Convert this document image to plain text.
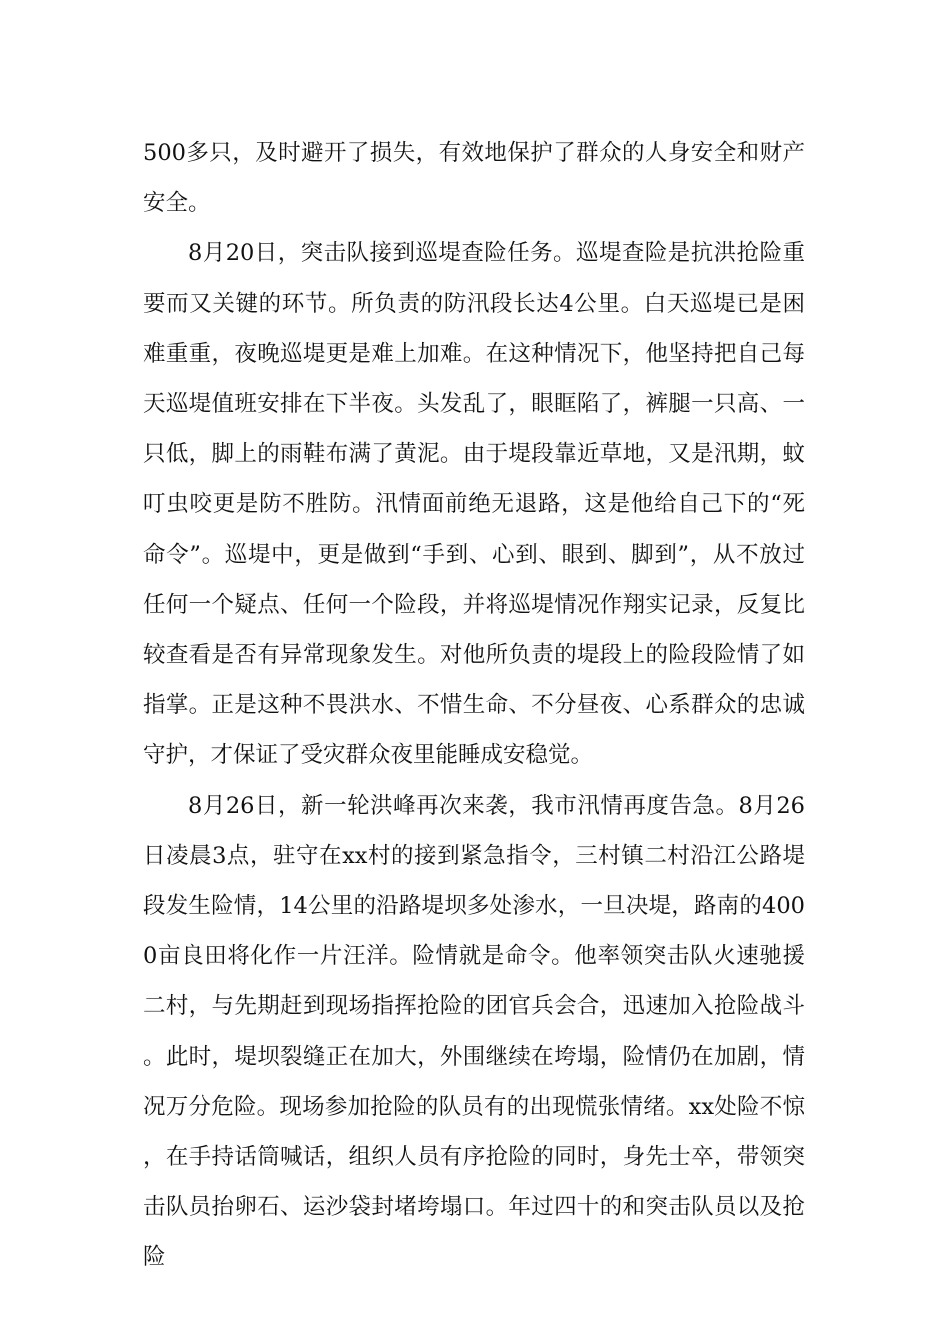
500多只，及时避开了损失，有效地保护了群众的人身安全和财产安全。

8月20日，突击队接到巡堤查险任务。巡堤查险是抗洪抢险重要而又关键的环节。所负责的防汛段长达4公里。白天巡堤已是困难重重，夜晚巡堤更是难上加难。在这种情况下，他坚持把自己每天巡堤值班安排在下半夜。头发乱了，眼眶陷了，裤腿一只高、一只低，脚上的雨鞋布满了黄泥。由于堤段靠近草地，又是汛期，蚊叮虫咬更是防不胜防。汛情面前绝无退路，这是他给自己下的“死命令”。巡堤中，更是做到“手到、心到、眼到、脚到”，从不放过任何一个疑点、任何一个险段，并将巡堤情况作翔实记录，反复比较查看是否有异常现象发生。对他所负责的堤段上的险段险情了如指掌。正是这种不畏洪水、不惜生命、不分昼夜、心系群众的忠诚守护，才保证了受灾群众夜里能睡成安稳觉。

8月26日，新一轮洪峰再次来袭，我市汛情再度告急。8月26日凌晨3点，驻守在xx村的接到紧急指令，三村镇二村沿江公路堤段发生险情，14公里的沿路堤坝多处渗水，一旦决堤，路南的4000亩良田将化作一片汪洋。险情就是命令。他率领突击队火速驰援二村，与先期赶到现场指挥抢险的团官兵会合，迅速加入抢险战斗。此时，堤坝裂缝正在加大，外围继续在垮塌，险情仍在加剧，情况万分危险。现场参加抢险的队员有的出现慌张情绪。xx处险不惊，在手持话筒喊话，组织人员有序抢险的同时，身先士卒，带领突击队员抬卵石、运沙袋封堵垮塌口。年过四十的和突击队员以及抢险
